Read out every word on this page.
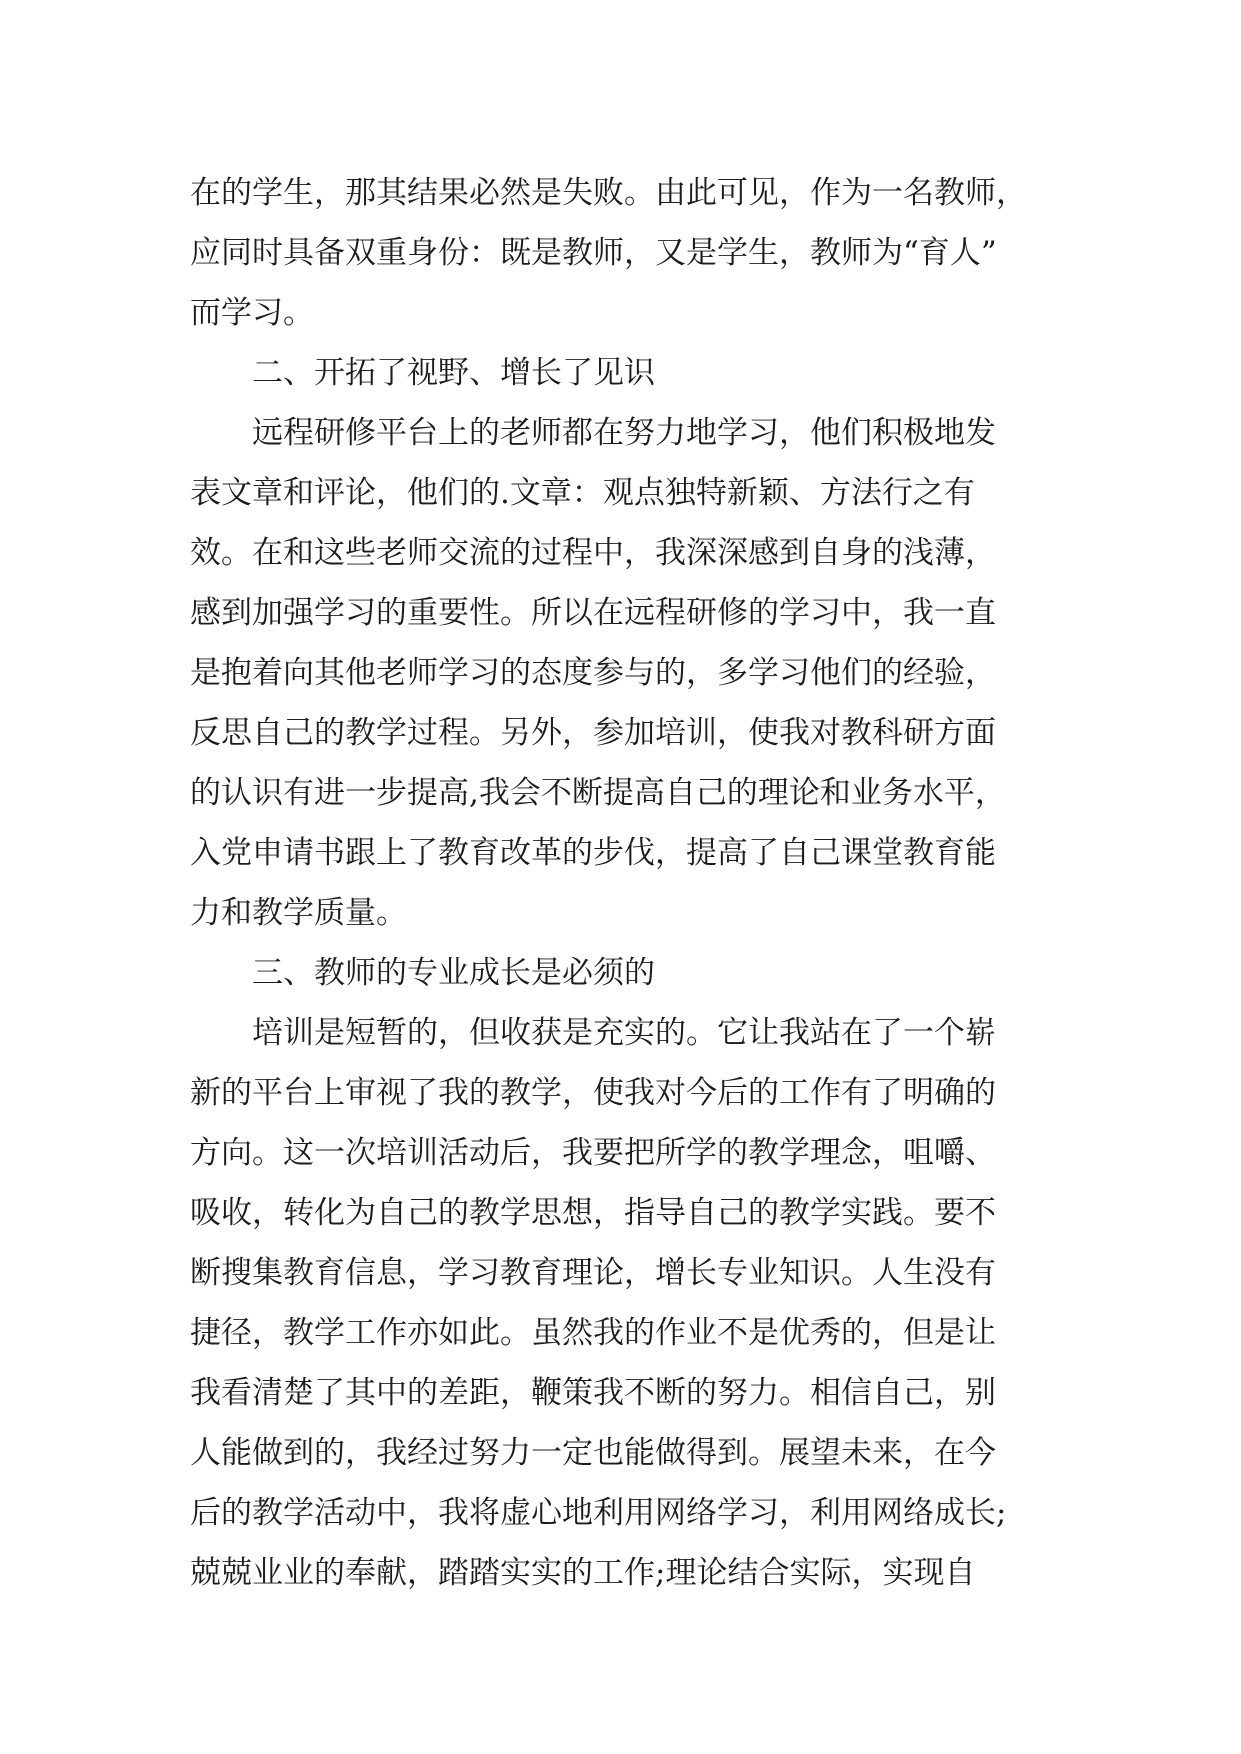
在的学生，那其结果必然是失败。由此可见，作为一名教师，
应同时具备双重身份：既是教师，又是学生，教师为“育人”
而学习。
二、开拓了视野、增长了见识
远程研修平台上的老师都在努力地学习，他们积极地发
表文章和评论，他们的.文章：观点独特新颖、方法行之有
效。在和这些老师交流的过程中，我深深感到自身的浅薄，
感到加强学习的重要性。所以在远程研修的学习中，我一直
是抱着向其他老师学习的态度参与的，多学习他们的经验，
反思自己的教学过程。另外，参加培训，使我对教科研方面
的认识有进一步提高,我会不断提高自己的理论和业务水平，
入党申请书跟上了教育改革的步伐，提高了自己课堂教育能
力和教学质量。
三、教师的专业成长是必须的
培训是短暂的，但收获是充实的。它让我站在了一个崭
新的平台上审视了我的教学，使我对今后的工作有了明确的
方向。这一次培训活动后，我要把所学的教学理念，咀嚼、
吸收，转化为自己的教学思想，指导自己的教学实践。要不
断搜集教育信息，学习教育理论，增长专业知识。人生没有
捷径，教学工作亦如此。虽然我的作业不是优秀的，但是让
我看清楚了其中的差距，鞭策我不断的努力。相信自己，别
人能做到的，我经过努力一定也能做得到。展望未来，在今
后的教学活动中，我将虚心地利用网络学习，利用网络成长;
兢兢业业的奉献，踏踏实实的工作;理论结合实际，实现自
